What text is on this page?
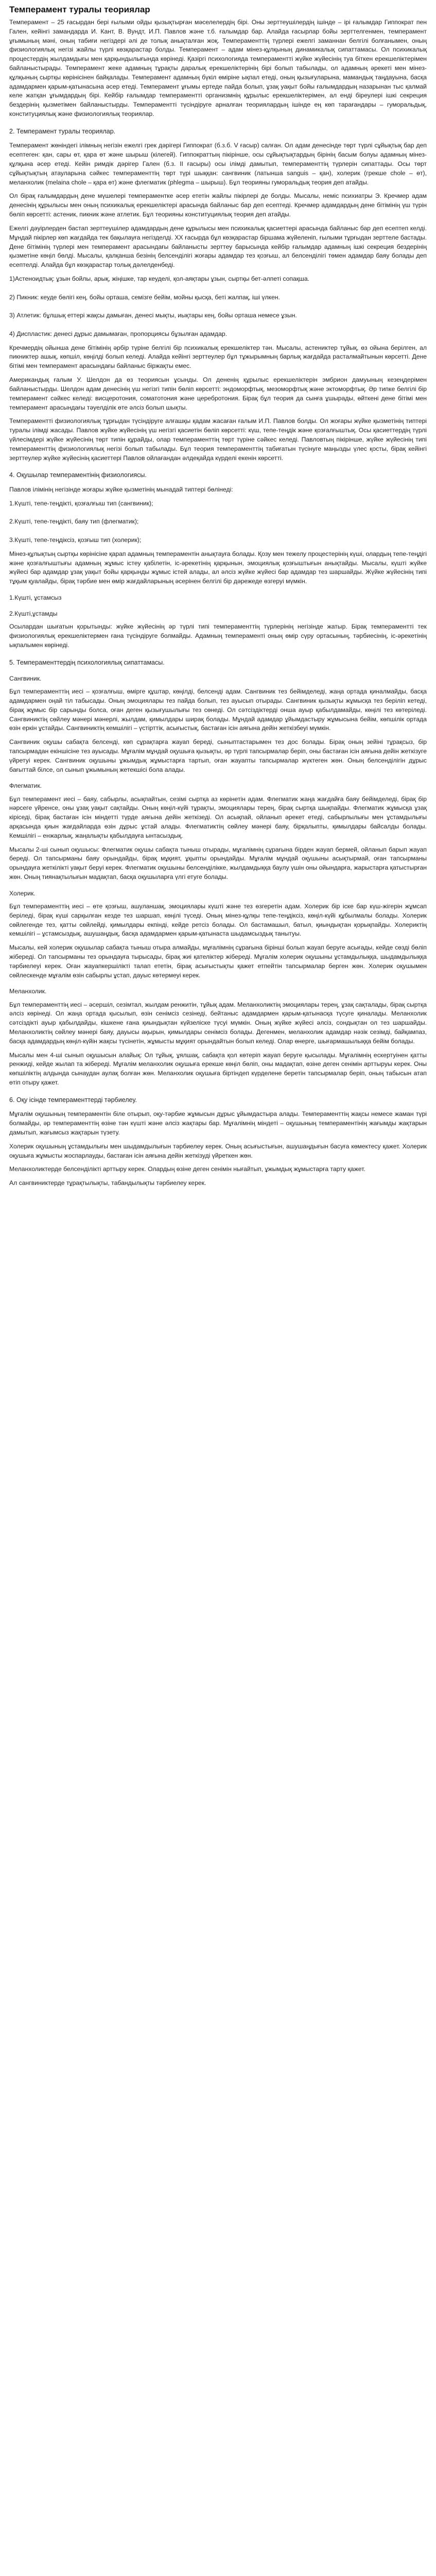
Темперамент туралы теориялар
Темперамент – 25 ғасырдан бері ғылыми ойды қызықтырған мәселелердің бірі. Оны зерттеушілердің ішінде – ірі ғалымдар Гиппократ пен Гален, кейінгі замандарда И. Кант, В. Вундт, И.П. Павлов және т.б. ғалымдар бар. Алайда ғасырлар бойы зерттелгенмен, темперамент ұғымының мәні, оның табиғи негіздері әлі де толық анықталған жоқ. Темпераменттің түрлері ежелгі заманнан белгілі болғанымен, оның физиологиялық негізі жайлы түрлі көзқарастар болды. Темперамент – адам мінез-құлқының динамикалық сипаттамасы. Ол психикалық процестердің жылдамдығы мен қарқындылығында көрінеді. Қазіргі психологияда темпераментті жүйке жүйесінің туа біткен ерекшеліктерімен байланыстырады. Темперамент жеке адамның тұрақты даралық ерекшеліктерінің бірі болып табылады, ол адамның әрекеті мен мінез-құлқының сыртқы көрінісінен байқалады. Темперамент адамның бүкіл өміріне ықпал етеді, оның қызығуларына, мамандық таңдауына, басқа адамдармен қарым-қатынасына әсер етеді. Темперамент ұғымы ертеде пайда болып, ұзақ уақыт бойы ғалымдардың назарынан тыс қалмай келе жатқан ұғымдардың бірі. Кейбір ғалымдар темпераментті организмнің құрылыс ерекшеліктерімен, ал енді біреулері ішкі секреция бездерінің қызметімен байланыстырды. Темпераментті түсіндіруге арналған теориялардың ішінде ең көп тарағандары – гуморальдық, конституциялық және физиологиялық теориялар.
2. Темперамент туралы теориялар.
Темперамент жөніндегі ілімның негізін ежелгі грек дәрігері Гиппократ (б.з.б. V ғасыр) салған. Ол адам денесінде төрт түрлі сұйықтық бар деп есептеген: қан, сары өт, қара өт және шырыш (кілегей). Гиппократтың пікірінше, осы сұйықтықтардың бірінің басым болуы адамның мінез-құлқына әсер етеді. Кейін римдік дәрігер Гален (б.з. II ғасыры) осы ілімді дамытып, темпераменттің түрлерін сипаттады. Осы төрт сұйықтықтың атауларына сәйкес темпераменттің төрт түрі шыққан: сангвиник (латынша sanguis – қан), холерик (грекше chole – өт), меланхолик (melaina chole – қара өт) және флегматик (phlegma – шырыш). Бұл теорияны гуморальдық теория деп атайды.
Ол бірақ ғалымдардың дене мүшелері темпераментке әсер ететін жайлы пікірлері де болды. Мысалы, неміс психиатры Э. Кречмер адам денесінің құрылысы мен оның психикалық ерекшеліктері арасында байланыс бар деп есептеді. Кречмер адамдардың дене бітімінің үш түрін бөліп көрсетті: астеник, пикник және атлетик. Бұл теорияны конституциялық теория деп атайды.
Ежелгі дәуірлерден бастап зерттеушілер адамдардың дене құрылысы мен психикалық қасиеттері арасында байланыс бар деп есептеп келді. Мұндай пікірлер көп жағдайда тек бақылауға негізделді. XX ғасырда бұл көзқарастар біршама жүйеленіп, ғылыми тұрғыдан зерттеле бастады. Дене бітімінің түрлері мен темперамент арасындағы байланысты зерттеу барысында кейбір ғалымдар адамның ішкі секреция бездерінің қызметіне көңіл бөлді. Мысалы, қалқанша безінің белсенділігі жоғары адамдар тез қозғыш, ал белсенділігі төмен адамдар баяу болады деп есептелді. Алайда бұл көзқарастар толық дәлелденбеді.
1)Астеноидтық: ұзын бойлы, арық, жіңішке, тар кеуделі, қол-аяқтары ұзын, сыртқы бет-әлпеті сопақша.

2) Пикник: кеуде бөлігі кең, бойы орташа, семізге бейім, мойны қысқа, беті жалпақ, іші үлкен.

3) Атлетик: бұлшық еттері жақсы дамыған, денесі мықты, иықтары кең, бойы орташа немесе ұзын.

4) Диспластик: денесі дұрыс дамымаған, пропорциясы бұзылған адамдар.
Кречмердің ойынша дене бітімінің әрбір түріне белгілі бір психикалық ерекшеліктер тән. Мысалы, астениктер тұйық, өз ойына берілген, ал пикниктер ашық, көпшіл, көңілді болып келеді. Алайда кейінгі зерттеулер бұл тұжырымның барлық жағдайда расталмайтынын көрсетті. Дене бітімі мен темперамент арасындағы байланыс біржақты емес.
Американдық ғалым У. Шелдон да өз теориясын ұсынды. Ол дененің құрылыс ерекшеліктерін эмбрион дамуының кезеңдерімен байланыстырды. Шелдон адам денесінің үш негізгі типін бөліп көрсетті: эндоморфтық, мезоморфтық және эктоморфтық. Әр типке белгілі бір темперамент сәйкес келеді: висцеротония, соматотония және церебротония. Бірақ бұл теория да сынға ұшырады, өйткені дене бітімі мен темперамент арасындағы тәуелділік өте әлсіз болып шықты.
Темпераментті физиологиялық тұрғыдан түсіндіруге алғашқы қадам жасаған ғалым И.П. Павлов болды. Ол жоғары жүйке қызметінің типтері туралы ілімді жасады. Павлов жүйке жүйесінің үш негізгі қасиетін бөліп көрсетті: күш, тепе-теңдік және қозғалғыштық. Осы қасиеттердің түрлі үйлесімдері жүйке жүйесінің төрт типін құрайды, олар темпераменттің төрт түріне сәйкес келеді. Павловтың пікірінше, жүйке жүйесінің типі темпераменттің физиологиялық негізі болып табылады. Бұл теория темпераменттің табиғатын түсінуге маңызды үлес қосты, бірақ кейінгі зерттеулер жүйке жүйесінің қасиеттері Павлов ойлағандан әлдеқайда күрделі екенін көрсетті.
4. Оқушылар темпераментінің физиологиясы.
Павлов ілімінің негізінде жоғары жүйке қызметінің мынадай типтері бөлінеді:
1.Күшті, тепе-теңдікті, қозғалғыш тип (сангвиник);

2.Күшті, тепе-теңдікті, баяу тип (флегматик);

3.Күшті, тепе-теңдіксіз, қозғыш тип (холерик);
Мінез-құлықтың сыртқы көрінісіне қарап адамның темпераментін анықтауға болады. Қозу мен тежелу процестерінің күші, олардың тепе-теңдігі және қозғалғыштығы адамның жұмыс істеу қабілетін, іс-әрекетінің қарқынын, эмоциялық қозғыштығын анықтайды. Мысалы, күшті жүйке жүйесі бар адамдар ұзақ уақыт бойы қарқынды жұмыс істей алады, ал әлсіз жүйке жүйесі бар адамдар тез шаршайды. Жүйке жүйесінің типі тұқым қуалайды, бірақ тәрбие мен өмір жағдайларының әсерінен белгілі бір дәрежеде өзгеруі мүмкін.
1.Күшті, ұстамсыз
2.Күшті,ұстамды
Осылардан шығатын қорытынды: жүйке жүйесінің әр түрлі типі темпераменттің түрлерінің негізінде жатыр. Бірақ темпераментті тек физиологиялық ерекшеліктермен ғана түсіндіруге болмайды. Адамның темпераменті оның өмір сүру ортасының, тәрбиесінің, іс-әрекетінің ықпалымен көрінеді.
5. Темпераменттердің психологиялық сипаттамасы.
Сангвиник.
Бұл темпераменттің иесі – қозғалғыш, өмірге құштар, көңілді, белсенді адам. Сангвиник тез бейімделеді, жаңа ортада қиналмайды, басқа адамдармен оңай тіл табысады. Оның эмоциялары тез пайда болып, тез ауысып отырады. Сангвиник қызықты жұмысқа тез беріліп кетеді, бірақ жұмыс бір сарынды болса, оған деген қызығушылығы тез сөнеді. Ол сәтсіздіктерді онша ауыр қабылдамайды, көңілі тез көтеріледі. Сангвиниктің сөйлеу мәнері мәнерлі, жылдам, қимылдары ширақ болады. Мұндай адамдар ұйымдастыру жұмысына бейім, көпшілік ортада өзін еркін ұстайды. Сангвиниктің кемшілігі – үстірттік, асығыстық, бастаған ісін аяғына дейін жеткізбеуі мүмкін.
Сангвиник оқушы сабақта белсенді, көп сұрақтарға жауап береді, сыныптастарымен тез дос болады. Бірақ оның зейіні тұрақсыз, бір тапсырмадан екіншісіне тез ауысады. Мұғалім мұндай оқушыға қызықты, әр түрлі тапсырмалар беріп, оны бастаған ісін аяғына дейін жеткізуге үйретуі керек. Сангвиник оқушыны ұжымдық жұмыстарға тартып, оған жауапты тапсырмалар жүктеген жөн. Оның белсенділігін дұрыс бағыттай білсе, ол сынып ұжымының жетекшісі бола алады.
Флегматик.
Бұл темперамент иесі – баяу, сабырлы, асықпайтын, сезімі сыртқа аз көрінетін адам. Флегматик жаңа жағдайға баяу бейімделеді, бірақ бір нәрсеге үйренсе, оны ұзақ уақыт сақтайды. Оның көңіл-күйі тұрақты, эмоциялары терең, бірақ сыртқа шықпайды. Флегматик жұмысқа ұзақ кіріседі, бірақ бастаған ісін міндетті түрде аяғына дейін жеткізеді. Ол асықпай, ойланып әрекет етеді, сабырлылығы мен ұстамдылығы арқасында қиын жағдайларда өзін дұрыс ұстай алады. Флегматиктің сөйлеу мәнері баяу, бірқалыпты, қимылдары байсалды болады. Кемшілігі – енжарлық, жаңалықты қабылдауға ынтасыздық.
Мысалы 2-ші сынып оқушысы: Флегматик оқушы сабақта тыныш отырады, мұғалімнің сұрағына бірден жауап бермей, ойланып барып жауап береді. Ол тапсырманы баяу орындайды, бірақ мұқият, ұқыпты орындайды. Мұғалім мұндай оқушыны асықтырмай, оған тапсырманы орындауға жеткілікті уақыт беруі керек. Флегматик оқушыны белсенділікке, жылдамдыққа баулу үшін оны ойындарға, жарыстарға қатыстырған жөн. Оның тиянақтылығын мадақтап, басқа оқушыларға үлгі етуге болады.
Холерик.
Бұл темпераменттің иесі – өте қозғыш, ашуланшақ, эмоциялары күшті және тез өзгеретін адам. Холерик бір іске бар күш-жігерін жұмсап беріледі, бірақ күші сарқылған кезде тез шаршап, көңілі түседі. Оның мінез-құлқы тепе-теңдіксіз, көңіл-күйі құбылмалы болады. Холерик сөйлегенде тез, қатты сөйлейді, қимылдары екпінді, кейде ретсіз болады. Ол бастамашыл, батыл, қиындықтан қорықпайды. Холериктің кемшілігі – ұстамсыздық, ашушаңдық, басқа адамдармен қарым-қатынаста шыдамсыздық танытуы.
Мысалы, кей холерик оқушылар сабақта тыныш отыра алмайды, мұғалімнің сұрағына бірінші болып жауап беруге асығады, кейде сөзді бөліп жібереді. Ол тапсырманы тез орындауға тырысады, бірақ жиі қателіктер жібереді. Мұғалім холерик оқушыны ұстамдылыққа, шыдамдылыққа тәрбиелеуі керек. Оған жауапкершілікті талап ететін, бірақ асығыстықты қажет етпейтін тапсырмалар берген жөн. Холерик оқушымен сөйлескенде мұғалім өзін сабырлы ұстап, дауыс көтермеуі керек.
Меланхолик.
Бұл темпераменттің иесі – әсершіл, сезімтал, жылдам ренжитін, тұйық адам. Меланхоликтің эмоциялары терең, ұзақ сақталады, бірақ сыртқа әлсіз көрінеді. Ол жаңа ортада қысылып, өзін сенімсіз сезінеді, бейтаныс адамдармен қарым-қатынасқа түсуге қиналады. Меланхолик сәтсіздікті ауыр қабылдайды, кішкене ғана қиындықтан күйзеліске түсуі мүмкін. Оның жүйке жүйесі әлсіз, сондықтан ол тез шаршайды. Меланхоликтің сөйлеу мәнері баяу, дауысы ақырын, қимылдары сенімсіз болады. Дегенмен, меланхолик адамдар нәзік сезімді, байқампаз, басқа адамдардың көңіл-күйін жақсы түсінетін, жұмысты мұқият орындайтын болып келеді. Олар өнерге, шығармашылыққа бейім болады.
Мысалы мен 4-ші сынып оқушысын алайық: Ол тұйық, ұялшақ, сабақта қол көтеріп жауап беруге қысылады. Мұғалімнің ескертуінен қатты ренжиді, кейде жылап та жібереді. Мұғалім меланхолик оқушыға ерекше көңіл бөліп, оны мадақтап, өзіне деген сенімін арттыруы керек. Оны көпшіліктің алдында сынаудан аулақ болған жөн. Меланхолик оқушыға біртіндеп күрделене беретін тапсырмалар беріп, оның табысын атап өтіп отыру қажет.
6. Оқу ісінде темпераменттерді тәрбиелеу.
Мұғалім оқушының темпераментін біле отырып, оқу-тәрбие жұмысын дұрыс ұйымдастыра алады. Темпераменттің жақсы немесе жаман түрі болмайды, әр темпераменттің өзіне тән күшті және әлсіз жақтары бар. Мұғалімнің міндеті – оқушының темпераментінің жағымды жақтарын дамытып, жағымсыз жақтарын түзету.
Холерик оқушының ұстамдылығы мен шыдамдылығын тәрбиелеу керек. Оның асығыстығын, ашушаңдығын басуға көмектесу қажет. Холерик оқушыға жұмысты жоспарлауды, бастаған ісін аяғына дейін жеткізуді үйреткен жөн.
Меланхоликтерде белсенділікті арттыру керек. Олардың өзіне деген сенімін нығайтып, ұжымдық жұмыстарға тарту қажет.
Ал сангвиниктерде тұрақтылықты, табандылықты тәрбиелеу керек.
